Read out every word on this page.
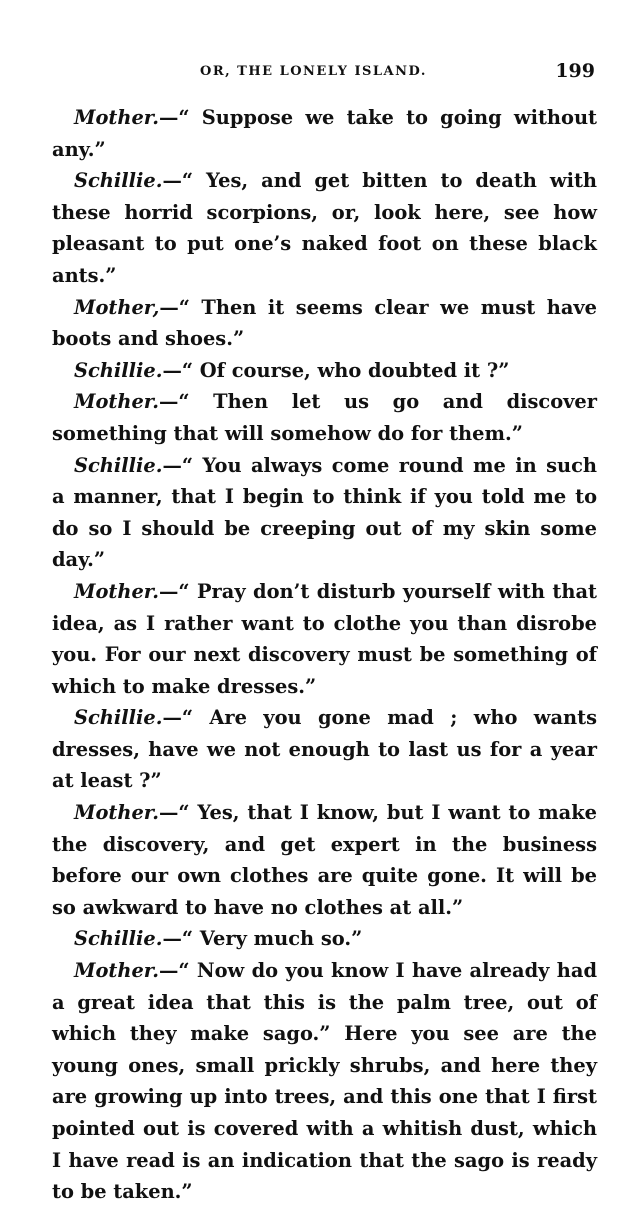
OR, THE LONELY ISLAND.	199

Mother.—“ Suppose we take to going without any.”

Schillie.—“ Yes, and get bitten to death with these horrid scorpions, or, look here, see how pleasant to put one’s naked foot on these black ants.”

Mother,—“ Then it seems clear we must have boots and shoes.”

Schillie.—“ Of course, who doubted it ?”

Mother.—“ Then let us go and discover something that will somehow do for them.”

Schillie.—“ You always come round me in such a manner, that I begin to think if you told me to do so I should be creeping out of my skin some day.”

Mother.—“ Pray don’t disturb yourself with that idea, as I rather want to clothe you than disrobe you. For our next discovery must be something of which to make dresses.”

Schillie.—“ Are you gone mad ; who wants dresses, have we not enough to last us for a year at least ?”

Mother.—“ Yes, that I know, but I want to make the discovery, and get expert in the business before our own clothes are quite gone. It will be so awkward to have no clothes at all.”

Schillie.—“ Very much so.”

Mother.—“ Now do you know I have already had a great idea that this is the palm tree, out of which they make sago.” Here you see are the young ones, small prickly shrubs, and here they are growing up into trees, and this one that I first pointed out is covered with a whitish dust, which I have read is an indication that the sago is ready to be taken.”
